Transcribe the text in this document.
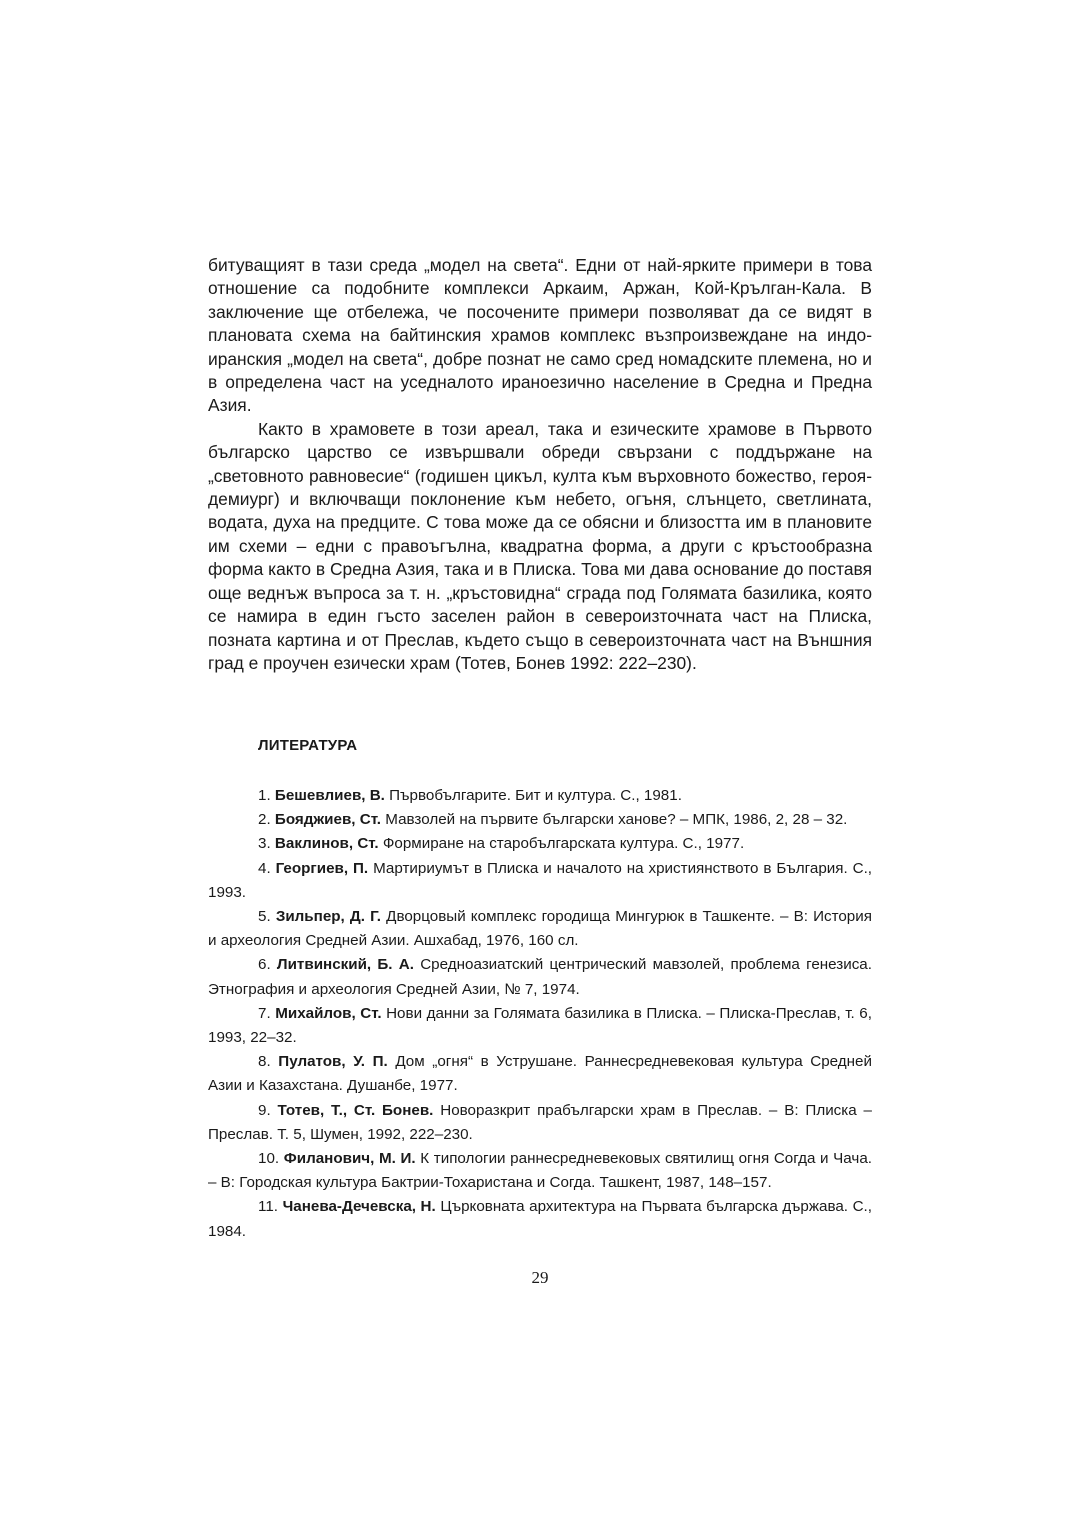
битуващият в тази среда „модел на света“. Едни от най-ярките примери в това отношение са подобните комплекси Аркаим, Аржан, Кой-Крълган-Кала. В заключение ще отбележа, че посочените примери позволяват да се видят в плановата схема на байтинския храмов комплекс възпроизвеждане на индо-иранския „модел на света“, добре познат не само сред номадските племена, но и в определена част на уседналото ираноезично население в Средна и Предна Азия.

Както в храмовете в този ареал, така и езическите храмове в Първото българско царство се извършвали обреди свързани с поддържане на „световното равновесие“ (годишен цикъл, култа към върховното божество, героя-демиург) и включващи поклонение към небето, огъня, слънцето, светлината, водата, духа на предците. С това може да се обясни и близостта им в плановите им схеми – едни с правоъгълна, квадратна форма, а други с кръстообразна форма както в Средна Азия, така и в Плиска. Това ми дава основание до поставя още веднъж въпроса за т. н. „кръстовидна“ сграда под Голямата базилика, която се намира в един гъсто заселен район в североизточната част на Плиска, позната картина и от Преслав, където също в североизточната част на Външния град е проучен езически храм (Тотев, Бонев 1992: 222–230).

ЛИТЕРАТУРА

1. Бешевлиев, В. Първобългарите. Бит и култура. С., 1981.

2. Бояджиев, Ст. Мавзолей на първите български ханове? – МПК, 1986, 2, 28 – 32.

3. Ваклинов, Ст. Формиране на старобългарската култура. С., 1977.

4. Георгиев, П. Мартириумът в Плиска и началото на християнството в България. С., 1993.

5. Зильпер, Д. Г. Дворцовый комплекс городища Мингурюк в Ташкенте. – В: История и археология Средней Азии. Ашхабад, 1976, 160 сл.

6. Литвинский, Б. А. Среднoазиатский центрический мавзолей, проблема генезиса. Этнография и археология Средней Азии, № 7, 1974.

7. Михайлов, Ст. Нови данни за Голямата базилика в Плиска. – Плиска-Преслав, т. 6, 1993, 22–32.

8. Пулатов, У. П. Дом „огня“ в Уструшане. Раннесредневековая культура Средней Азии и Казахстана. Душанбе, 1977.

9. Тотев, Т., Ст. Бонев. Новоразкрит прабългарски храм в Преслав. – В: Плиска – Преслав. Т. 5, Шумен, 1992, 222–230.

10. Филанович, М. И. К типологии раннесредневековых святилищ огня Согда и Чача. – В: Городская культура Бактрии-Тохаристана и Согда. Ташкент, 1987, 148–157.

11. Чанева-Дечевска, Н. Църковната архитектура на Първата българска държава. С., 1984.

29
